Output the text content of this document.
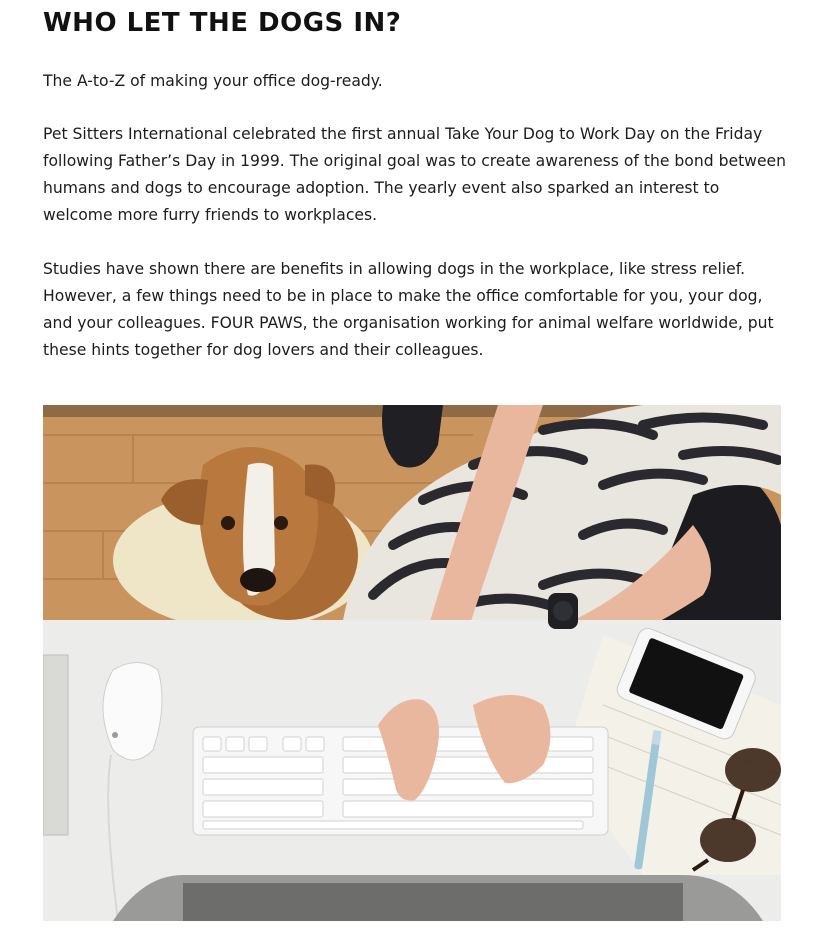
WHO LET THE DOGS IN?

The A-to-Z of making your office dog-ready.

Pet Sitters International celebrated the first annual Take Your Dog to Work Day on the Friday following Father’s Day in 1999. The original goal was to create awareness of the bond between humans and dogs to encourage adoption. The yearly event also sparked an interest to welcome more furry friends to workplaces.

Studies have shown there are benefits in allowing dogs in the workplace, like stress relief. However, a few things need to be in place to make the office comfortable for you, your dog, and your colleagues. FOUR PAWS, the organisation working for animal welfare worldwide, put these hints together for dog lovers and their colleagues.
